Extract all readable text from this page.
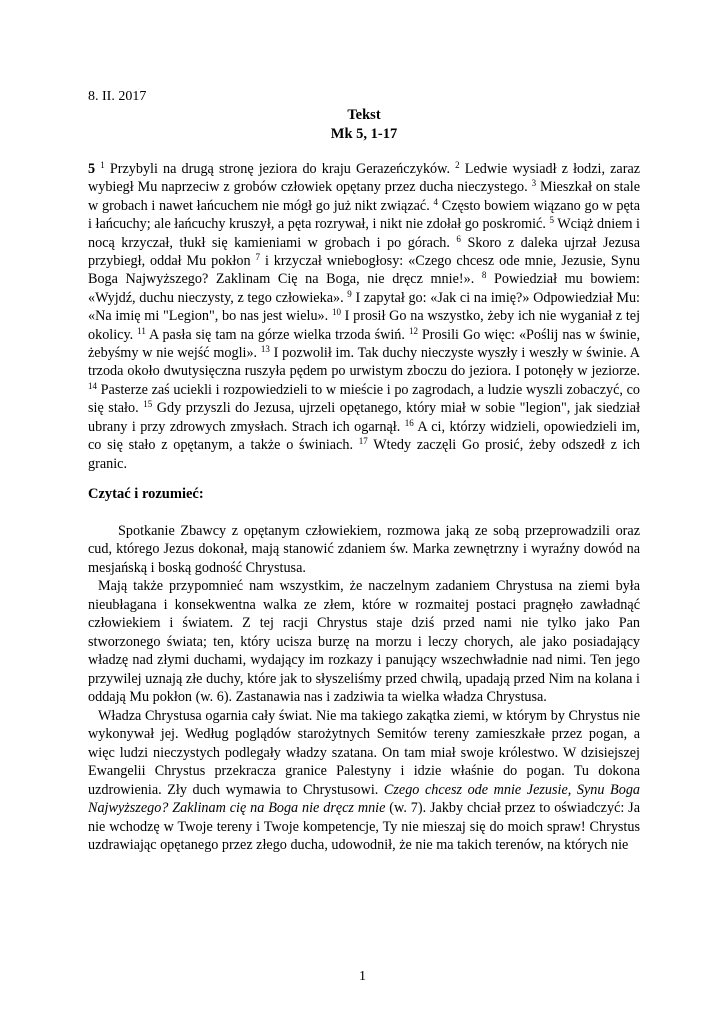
8. II. 2017
Tekst
Mk 5, 1-17
5 $^1$ Przybyli na drugą stronę jeziora do kraju Gerazeńczyków. $^2$ Ledwie wysiadł z łodzi, zaraz wybiegł Mu naprzeciw z grobów człowiek opętany przez ducha nieczystego. $^3$ Mieszkał on stale w grobach i nawet łańcuchem nie mógł go już nikt związać. $^4$ Często bowiem wiązano go w pęta i łańcuchy; ale łańcuchy kruszył, a pęta rozrywał, i nikt nie zdołał go poskromić. $^5$ Wciąż dniem i nocą krzyczał, tłukł się kamieniami w grobach i po górach. $^6$ Skoro z daleka ujrzał Jezusa przybiegł, oddał Mu pokłon $^7$ i krzyczał wniebogłosy: «Czego chcesz ode mnie, Jezusie, Synu Boga Najwyższego? Zaklinam Cię na Boga, nie dręcz mnie!». $^8$ Powiedział mu bowiem: «Wyjdź, duchu nieczysty, z tego człowieka». $^9$ I zapytał go: «Jak ci na imię?» Odpowiedział Mu: «Na imię mi "Legion", bo nas jest wielu». $^{10}$ I prosił Go na wszystko, żeby ich nie wyganiał z tej okolicy. $^{11}$ A pasła się tam na górze wielka trzoda świń. $^{12}$ Prosili Go więc: «Poślij nas w świnie, żebyśmy w nie wejść mogli». $^{13}$ I pozwolił im. Tak duchy nieczyste wyszły i weszły w świnie. A trzoda około dwutysięczna ruszyła pędem po urwistym zboczu do jeziora. I potonęły w jeziorze. $^{14}$ Pasterze zaś uciekli i rozpowiedzieli to w mieście i po zagrodach, a ludzie wyszli zobaczyć, co się stało. $^{15}$ Gdy przyszli do Jezusa, ujrzeli opętanego, który miał w sobie "legion", jak siedział ubrany i przy zdrowych zmysłach. Strach ich ogarnął. $^{16}$ A ci, którzy widzieli, opowiedzieli im, co się stało z opętanym, a także o świniach. $^{17}$ Wtedy zaczęli Go prosić, żeby odszedł z ich granic.
Czytać i rozumieć:
Spotkanie Zbawcy z opętanym człowiekiem, rozmowa jaką ze sobą przeprowadzili oraz cud, którego Jezus dokonał, mają stanowić zdaniem św. Marka zewnętrzny i wyraźny dowód na mesjańską i boską godność Chrystusa.
Mają także przypomnieć nam wszystkim, że naczelnym zadaniem Chrystusa na ziemi była nieubłagana i konsekwentna walka ze złem, które w rozmaitej postaci pragnęło zawładnąć człowiekiem i światem. Z tej racji Chrystus staje dziś przed nami nie tylko jako Pan stworzonego świata; ten, który ucisza burzę na morzu i leczy chorych, ale jako posiadający władzę nad złymi duchami, wydający im rozkazy i panujący wszechwładnie nad nimi. Ten jego przywilej uznają złe duchy, które jak to słyszeliśmy przed chwilą, upadają przed Nim na kolana i oddają Mu pokłon (w. 6). Zastanawia nas i zadziwia ta wielka władza Chrystusa.
Władza Chrystusa ogarnia cały świat. Nie ma takiego zakątka ziemi, w którym by Chrystus nie wykonywał jej. Według poglądów starożytnych Semitów tereny zamieszkałe przez pogan, a więc ludzi nieczystych podlegały władzy szatana. On tam miał swoje królestwo. W dzisiejszej Ewangelii Chrystus przekracza granice Palestyny i idzie właśnie do pogan. Tu dokona uzdrowienia. Zły duch wymawia to Chrystusowi. Czego chcesz ode mnie Jezusie, Synu Boga Najwyższego? Zaklinam cię na Boga nie dręcz mnie (w. 7). Jakby chciał przez to oświadczyć: Ja nie wchodzę w Twoje tereny i Twoje kompetencje, Ty nie mieszaj się do moich spraw! Chrystus uzdrawiając opętanego przez złego ducha, udowodnił, że nie ma takich terenów, na których nie
1
